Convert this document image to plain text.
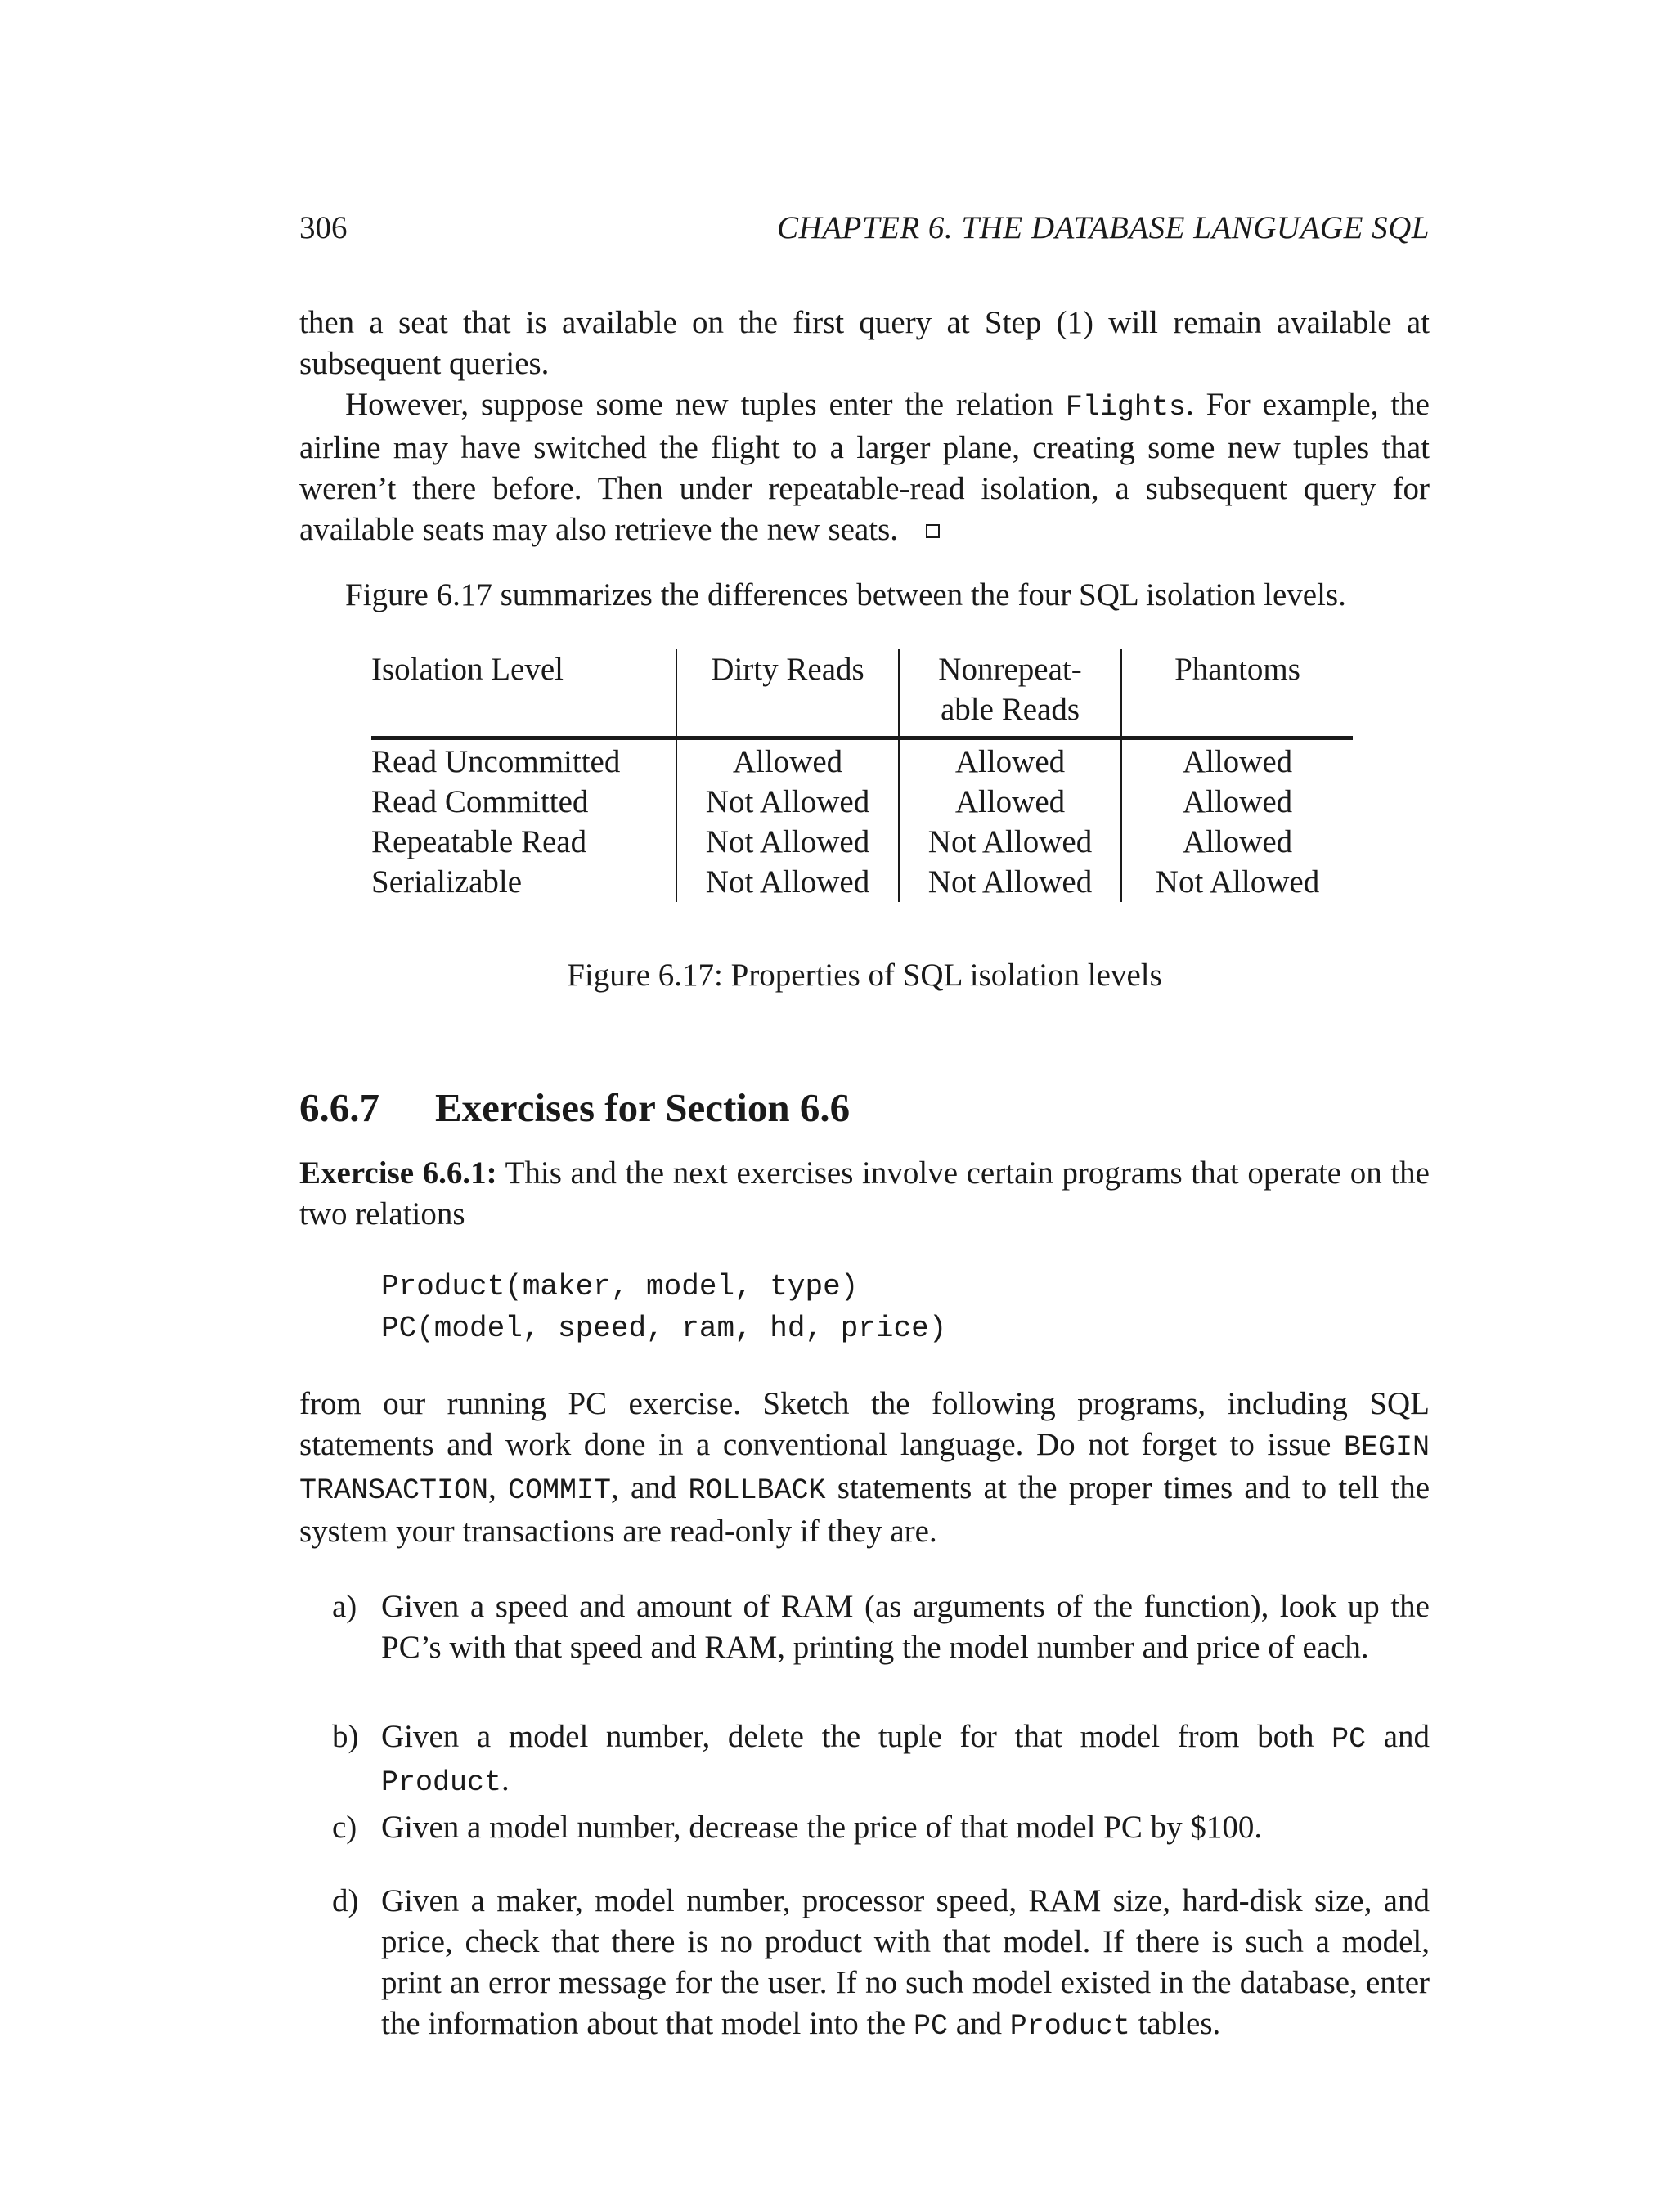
306	CHAPTER 6. THE DATABASE LANGUAGE SQL

then a seat that is available on the first query at Step (1) will remain available at subsequent queries.

However, suppose some new tuples enter the relation Flights. For example, the airline may have switched the flight to a larger plane, creating some new tuples that weren’t there before. Then under repeatable-read isolation, a subsequent query for available seats may also retrieve the new seats.

Figure 6.17 summarizes the differences between the four SQL isolation levels.
Isolation Level	Dirty Reads	Nonrepeat-
able Reads	Phantoms
Read Uncommitted	Allowed	Allowed	Allowed
Read Committed	Not Allowed	Allowed	Allowed
Repeatable Read	Not Allowed	Not Allowed	Allowed
Serializable	Not Allowed	Not Allowed	Not Allowed
Figure 6.17: Properties of SQL isolation levels
6.6.7 Exercises for Section 6.6

Exercise 6.6.1: This and the next exercises involve certain programs that operate on the two relations

Product(maker, model, type)
PC(model, speed, ram, hd, price)

from our running PC exercise. Sketch the following programs, including SQL statements and work done in a conventional language. Do not forget to issue BEGIN TRANSACTION, COMMIT, and ROLLBACK statements at the proper times and to tell the system your transactions are read-only if they are.

a) Given a speed and amount of RAM (as arguments of the function), look up the PC’s with that speed and RAM, printing the model number and price of each.
b) Given a model number, delete the tuple for that model from both PC and Product.
c) Given a model number, decrease the price of that model PC by $100.
d) Given a maker, model number, processor speed, RAM size, hard-disk size, and price, check that there is no product with that model. If there is such a model, print an error message for the user. If no such model existed in the database, enter the information about that model into the PC and Product tables.
